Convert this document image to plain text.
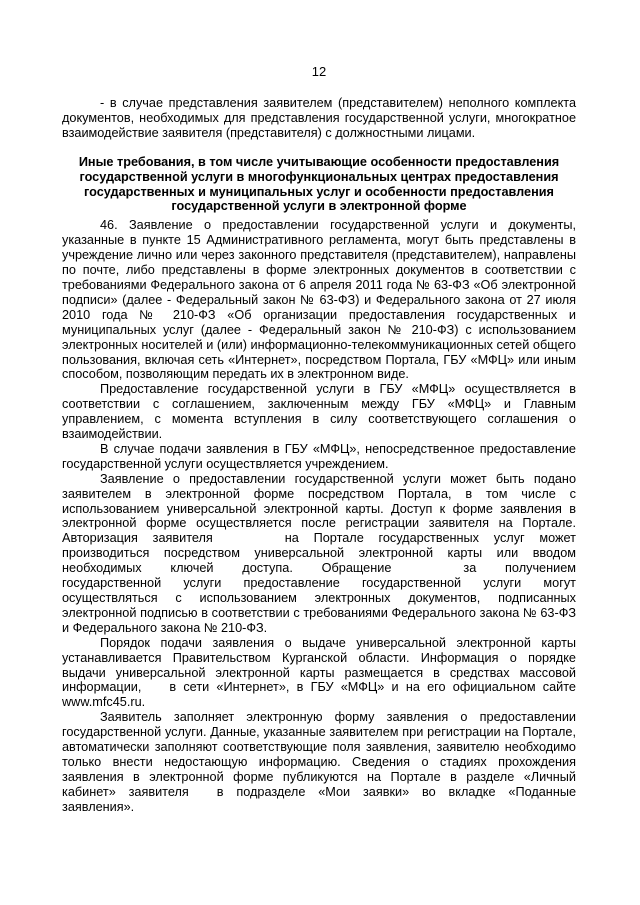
12

- в случае представления заявителем (представителем) неполного комплекта документов, необходимых для представления государственной услуги, многократное взаимодействие заявителя (представителя) с должностными лицами.

Иные требования, в том числе учитывающие особенности предоставления государственной услуги в многофункциональных центрах предоставления государственных и муниципальных услуг и особенности предоставления государственной услуги в электронной форме

46. Заявление о предоставлении государственной услуги и документы, указанные в пункте 15 Административного регламента, могут быть представлены в учреждение лично или через законного представителя (представителем), направлены по почте, либо представлены в форме электронных документов в соответствии с требованиями Федерального закона от 6 апреля 2011 года № 63-ФЗ «Об электронной подписи» (далее - Федеральный закон № 63-ФЗ) и Федерального закона от 27 июля 2010 года № 210-ФЗ «Об организации предоставления государственных и муниципальных услуг (далее - Федеральный закон № 210-ФЗ) с использованием электронных носителей и (или) информационно-телекоммуникационных сетей общего пользования, включая сеть «Интернет», посредством Портала, ГБУ «МФЦ» или иным способом, позволяющим передать их в электронном виде.

Предоставление государственной услуги в ГБУ «МФЦ» осуществляется в соответствии с соглашением, заключенным между ГБУ «МФЦ» и Главным управлением, с момента вступления в силу соответствующего соглашения о взаимодействии.

В случае подачи заявления в ГБУ «МФЦ», непосредственное предоставление государственной услуги осуществляется учреждением.

Заявление о предоставлении государственной услуги может быть подано заявителем в электронной форме посредством Портала, в том числе с использованием универсальной электронной карты. Доступ к форме заявления в электронной форме осуществляется после регистрации заявителя на Портале. Авторизация заявителя	на Портале государственных услуг может производиться посредством универсальной электронной карты или вводом необходимых ключей доступа. Обращение	за получением государственной услуги предоставление государственной услуги могут осуществляться с использованием электронных документов, подписанных электронной подписью в соответствии с требованиями Федерального закона № 63-ФЗ и Федерального закона № 210-ФЗ.

Порядок подачи заявления о выдаче универсальной электронной карты устанавливается Правительством Курганской области. Информация о порядке выдачи универсальной электронной карты размещается в средствах массовой информации, в сети «Интернет», в ГБУ «МФЦ» и на его официальном сайте www.mfc45.ru.

Заявитель заполняет электронную форму заявления о предоставлении государственной услуги. Данные, указанные заявителем при регистрации на Портале, автоматически заполняют соответствующие поля заявления, заявителю необходимо только внести недостающую информацию. Сведения о стадиях прохождения заявления в электронной форме публикуются на Портале в разделе «Личный кабинет» заявителя в подразделе «Мои заявки» во вкладке «Поданные заявления».
